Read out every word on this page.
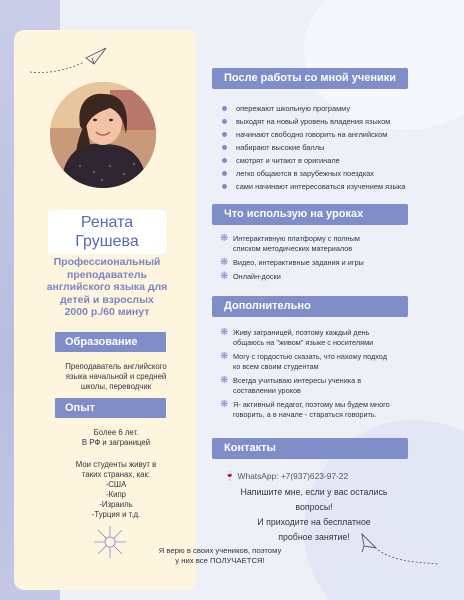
Рената
Грушева
Профессиональный
преподаватель
английского языка для
детей и взрослых
2000 р./60 минут
Образование
Преподаватель английского
языка начальной и средней
школы, переводчик
Опыт
Более 6 лет.
В РФ и заграницей
Мои студенты живут в
таких странах, как:
-США
-Кипр
-Израиль
-Турция и т.д.
Я верю в своих учеников, поэтому
у них все ПОЛУЧАЕТСЯ!
После работы со мной ученики
опережают школьную программу
выходят на новый уровень владения языком
начинают свободно говорить на английском
набирают высокие баллы
смотрят и читают в оригинале
легко общаются в зарубежных поездках
сами начинают интересоваться изучением языка
Что использую на уроках
❋ Интерактивную платформу с полным
списком методических материалов
❋ Видео, интерактивные задания и игры
❋ Онлайн-доски
Дополнительно
❋ Живу заграницей, поэтому каждый день
общаюсь на "живом" языке с носителями
❋ Могу с гордостью сказать, что нахожу подход
ко всем своим студентам
❋ Всегда учитываю интересы ученика в
составлении уроков
❋ Я- активный педагог, поэтому мы будем много
говорить, а в начале - стараться говорить.
Контакты
🍷 WhatsApp: +7(937)623-97-22
Напишите мне, если у вас остались
вопросы!
И приходите на бесплатное
пробное занятие!
